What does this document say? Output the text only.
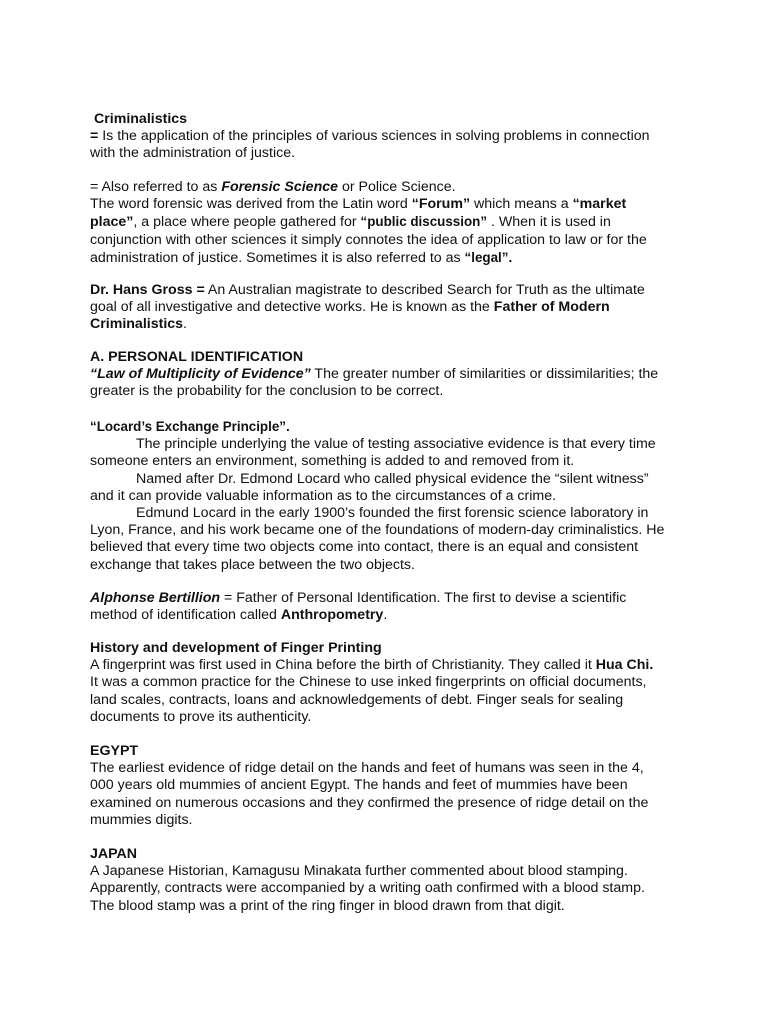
Criminalistics
= Is the application of the principles of various sciences in solving problems in connection
with the administration of justice.
= Also referred to as Forensic Science or Police Science.
The word forensic was derived from the Latin word “Forum” which means a “market
place”, a place where people gathered for “public discussion” . When it is used in
conjunction with other sciences it simply connotes the idea of application to law or for the
administration of justice. Sometimes it is also referred to as “legal”.
Dr. Hans Gross = An Australian magistrate to described Search for Truth as the ultimate
goal of all investigative and detective works. He is known as the Father of Modern
Criminalistics.
A. PERSONAL IDENTIFICATION
“Law of Multiplicity of Evidence” The greater number of similarities or dissimilarities; the
greater is the probability for the conclusion to be correct.
“Locard’s Exchange Principle”.
The principle underlying the value of testing associative evidence is that every time
someone enters an environment, something is added to and removed from it.
Named after Dr. Edmond Locard who called physical evidence the “silent witness”
and it can provide valuable information as to the circumstances of a crime.
Edmund Locard in the early 1900’s founded the first forensic science laboratory in
Lyon, France, and his work became one of the foundations of modern-day criminalistics. He
believed that every time two objects come into contact, there is an equal and consistent
exchange that takes place between the two objects.
Alphonse Bertillion = Father of Personal Identification. The first to devise a scientific
method of identification called Anthropometry.
History and development of Finger Printing
A fingerprint was first used in China before the birth of Christianity. They called it Hua Chi.
It was a common practice for the Chinese to use inked fingerprints on official documents,
land scales, contracts, loans and acknowledgements of debt. Finger seals for sealing
documents to prove its authenticity.
EGYPT
The earliest evidence of ridge detail on the hands and feet of humans was seen in the 4,
000 years old mummies of ancient Egypt. The hands and feet of mummies have been
examined on numerous occasions and they confirmed the presence of ridge detail on the
mummies digits.
JAPAN
A Japanese Historian, Kamagusu Minakata further commented about blood stamping.
Apparently, contracts were accompanied by a writing oath confirmed with a blood stamp.
The blood stamp was a print of the ring finger in blood drawn from that digit.
